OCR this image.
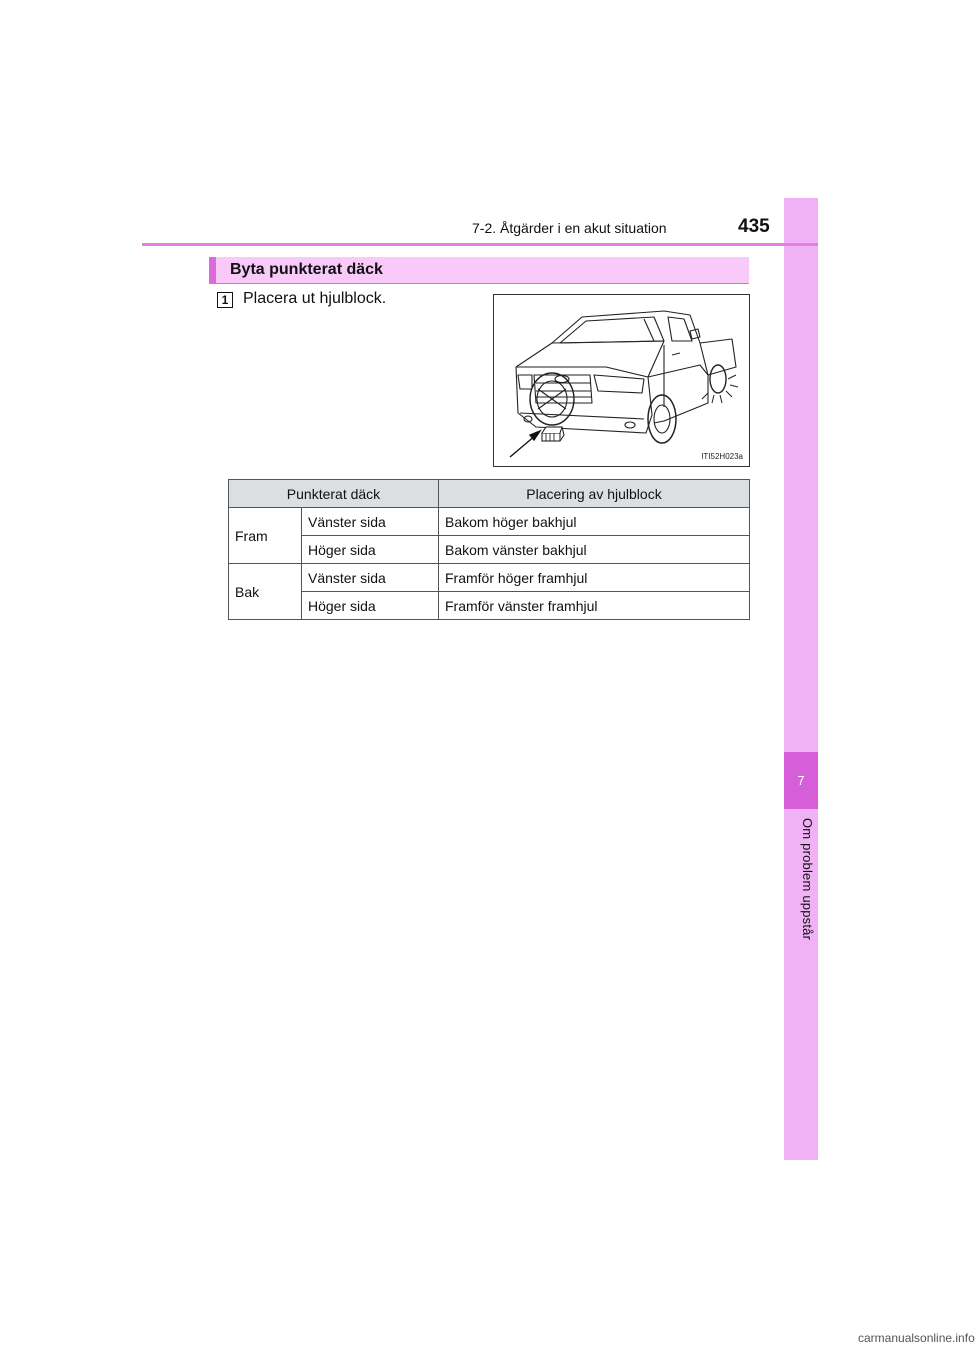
7
Om problem uppstår
7-2. Åtgärder i en akut situation	435
Byta punkterat däck
1 Placera ut hjulblock.
ITI52H023a
Punkterat däck		Placering av hjulblock
Fram	Vänster sida	Bakom höger bakhjul
	Höger sida	Bakom vänster bakhjul
Bak	Vänster sida	Framför höger framhjul
	Höger sida	Framför vänster framhjul
carmanualsonline.info
